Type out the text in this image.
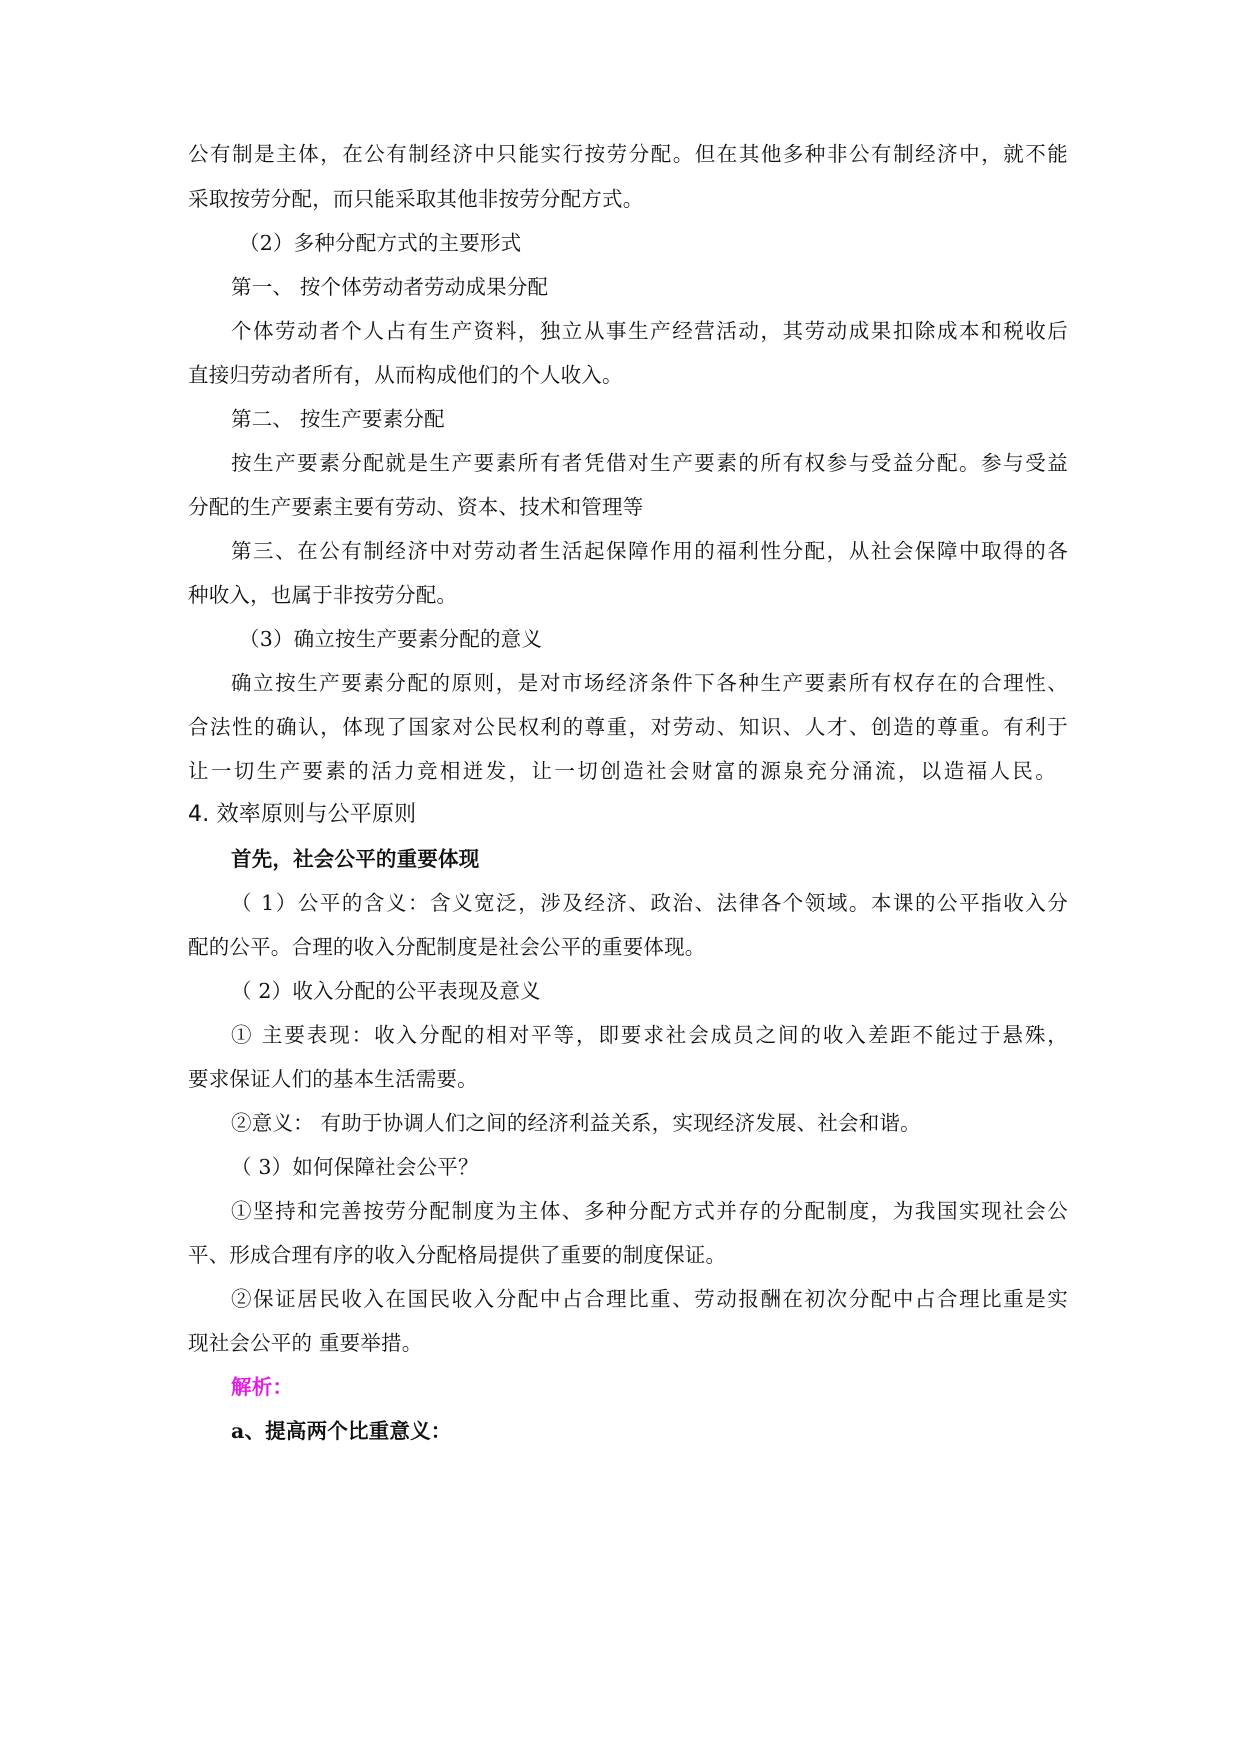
公有制是主体，在公有制经济中只能实行按劳分配。但在其他多种非公有制经济中，就不能

采取按劳分配，而只能采取其他非按劳分配方式。

（2）多种分配方式的主要形式

第一、 按个体劳动者劳动成果分配

个体劳动者个人占有生产资料，独立从事生产经营活动，其劳动成果扣除成本和税收后

直接归劳动者所有，从而构成他们的个人收入。

第二、 按生产要素分配

按生产要素分配就是生产要素所有者凭借对生产要素的所有权参与受益分配。参与受益

分配的生产要素主要有劳动、资本、技术和管理等

第三、在公有制经济中对劳动者生活起保障作用的福利性分配，从社会保障中取得的各

种收入，也属于非按劳分配。

（3）确立按生产要素分配的意义

确立按生产要素分配的原则，是对市场经济条件下各种生产要素所有权存在的合理性、

合法性的确认，体现了国家对公民权利的尊重，对劳动、知识、人才、创造的尊重。有利于

让一切生产要素的活力竞相迸发，让一切创造社会财富的源泉充分涌流，以造福人民。

4. 效率原则与公平原则

首先，社会公平的重要体现

（ 1）公平的含义：含义宽泛，涉及经济、政治、法律各个领域。本课的公平指收入分

配的公平。合理的收入分配制度是社会公平的重要体现。

（ 2）收入分配的公平表现及意义

① 主要表现：收入分配的相对平等，即要求社会成员之间的收入差距不能过于悬殊，

要求保证人们的基本生活需要。

②意义： 有助于协调人们之间的经济利益关系，实现经济发展、社会和谐。

（ 3）如何保障社会公平？

①坚持和完善按劳分配制度为主体、多种分配方式并存的分配制度，为我国实现社会公

平、形成合理有序的收入分配格局提供了重要的制度保证。

②保证居民收入在国民收入分配中占合理比重、劳动报酬在初次分配中占合理比重是实

现社会公平的 重要举措。

解析：

a、提高两个比重意义：
